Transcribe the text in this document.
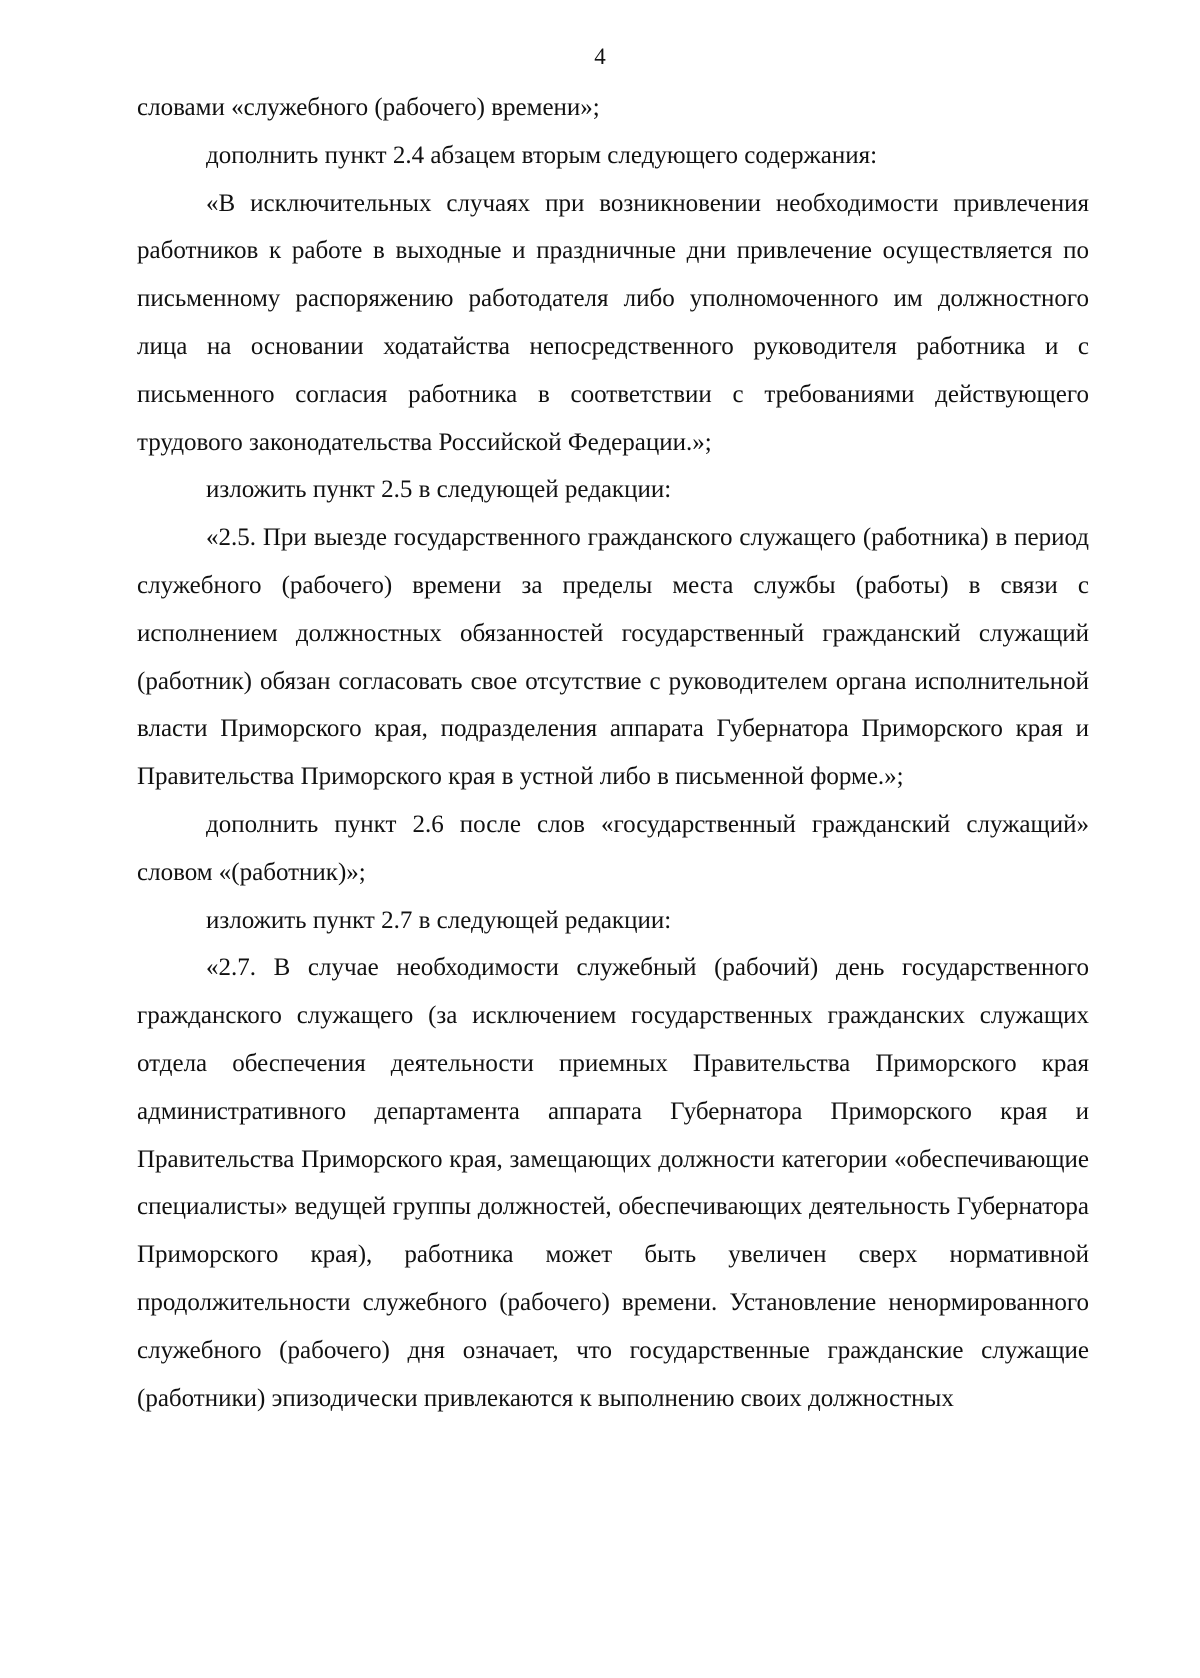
4

словами «служебного (рабочего) времени»;

дополнить пункт 2.4 абзацем вторым следующего содержания:

«В исключительных случаях при возникновении необходимости привлечения работников к работе в выходные и праздничные дни привлечение осуществляется по письменному распоряжению работодателя либо уполномоченного им должностного лица на основании ходатайства непосредственного руководителя работника и с письменного согласия работника в соответствии с требованиями действующего трудового законодательства Российской Федерации.»;

изложить пункт 2.5 в следующей редакции:

«2.5. При выезде государственного гражданского служащего (работника) в период служебного (рабочего) времени за пределы места службы (работы) в связи с исполнением должностных обязанностей государственный гражданский служащий (работник) обязан согласовать свое отсутствие с руководителем органа исполнительной власти Приморского края, подразделения аппарата Губернатора Приморского края и Правительства Приморского края в устной либо в письменной форме.»;

дополнить пункт 2.6 после слов «государственный гражданский служащий» словом «(работник)»;

изложить пункт 2.7 в следующей редакции:

«2.7. В случае необходимости служебный (рабочий) день государственного гражданского служащего (за исключением государственных гражданских служащих отдела обеспечения деятельности приемных Правительства Приморского края административного департамента аппарата Губернатора Приморского края и Правительства Приморского края, замещающих должности категории «обеспечивающие специалисты» ведущей группы должностей, обеспечивающих деятельность Губернатора Приморского края), работника может быть увеличен сверх нормативной продолжительности служебного (рабочего) времени. Установление ненормированного служебного (рабочего) дня означает, что государственные гражданские служащие (работники) эпизодически привлекаются к выполнению своих должностных
